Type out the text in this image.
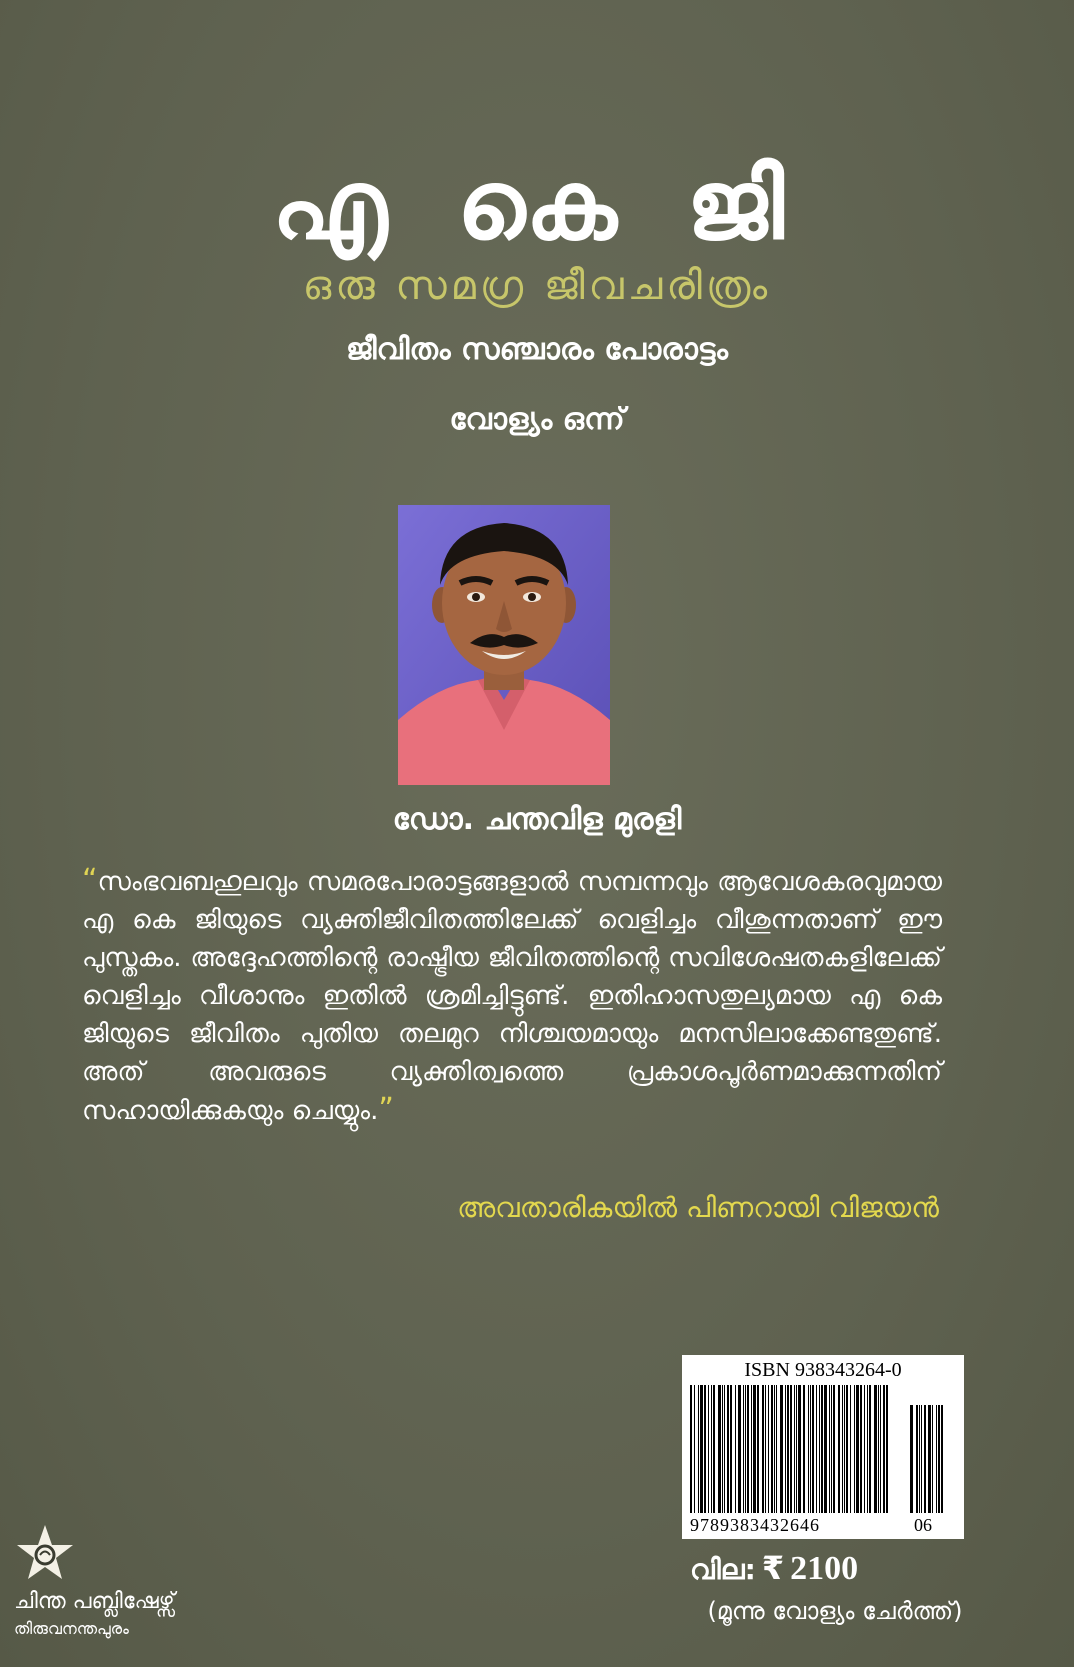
എ കെ ജി
ഒരു സമഗ്ര ജീവചരിത്രം
ജീവിതം സഞ്ചാരം പോരാട്ടം
വോള്യം ഒന്ന്
ഡോ. ചന്തവിള മുരളി
“സംഭവബഹുലവും സമരപോരാട്ടങ്ങളാൽ സമ്പന്നവും ആവേശകരവുമായ എ കെ ജിയുടെ വ്യക്തിജീവിതത്തിലേക്ക് വെളിച്ചം വീശുന്നതാണ് ഈ പുസ്തകം. അദ്ദേഹത്തിന്റെ രാഷ്ട്രീയ ജീവിതത്തിന്റെ സവിശേഷതകളിലേക്ക് വെളിച്ചം വീശാനും ഇതിൽ ശ്രമിച്ചിട്ടുണ്ട്. ഇതിഹാസതുല്യമായ എ കെ ജിയുടെ ജീവിതം പുതിയ തലമുറ നിശ്ചയമായും മനസിലാക്കേണ്ടതുണ്ട്. അത് അവരുടെ വ്യക്തിത്വത്തെ പ്രകാശപൂർണമാക്കുന്നതിന് സഹായിക്കുകയും ചെയ്യും.”
അവതാരികയിൽ പിണറായി വിജയൻ
ISBN 938343264-0
9789383432646	06
വില: ₹ 2100
(മൂന്നു വോള്യം ചേർത്ത്)
ചിന്ത പബ്ലിഷേഴ്സ്
തിരുവനന്തപുരം
